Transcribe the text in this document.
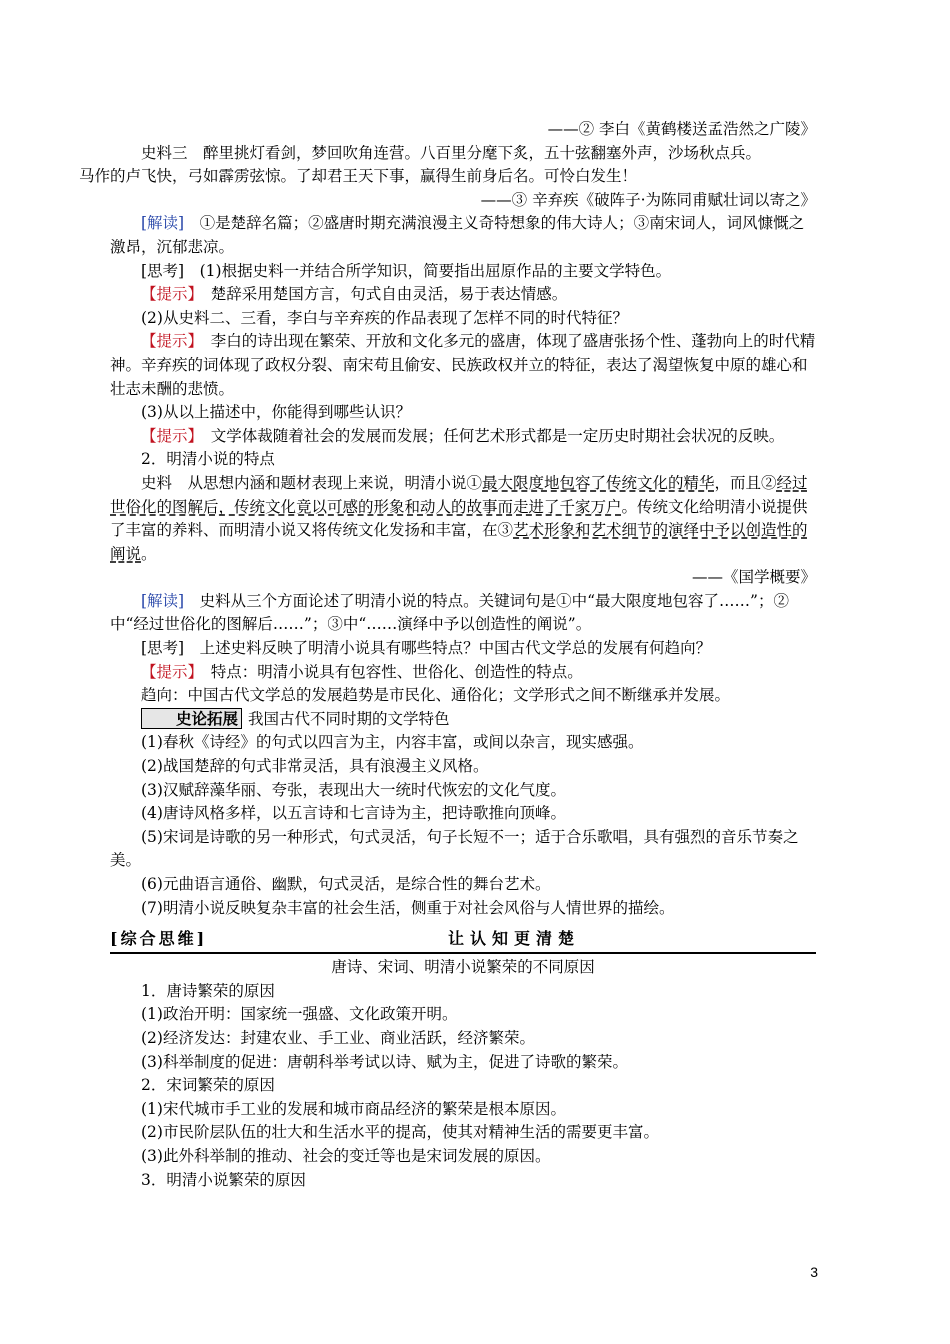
——② 李白《黄鹤楼送孟浩然之广陵》

史料三　醉里挑灯看剑，梦回吹角连营。八百里分麾下炙，五十弦翻塞外声，沙场秋点兵。
马作的卢飞快，弓如霹雳弦惊。了却君王天下事，赢得生前身后名。可怜白发生！

——③ 辛弃疾《破阵子·为陈同甫赋壮词以寄之》

[解读]　 ①是楚辞名篇；②盛唐时期充满浪漫主义奇特想象的伟大诗人；③南宋词人，词风慷慨之激昂，沉郁悲凉。

[思考]　 (1)根据史料一并结合所学知识，简要指出屈原作品的主要文学特色。

【提示】　 楚辞采用楚国方言，句式自由灵活，易于表达情感。

(2)从史料二、三看，李白与辛弃疾的作品表现了怎样不同的时代特征？

【提示】　 李白的诗出现在繁荣、开放和文化多元的盛唐，体现了盛唐张扬个性、蓬勃向上的时代精神。辛弃疾的词体现了政权分裂、南宋苟且偷安、民族政权并立的特征，表达了渴望恢复中原的雄心和壮志未酬的悲愤。

(3)从以上描述中，你能得到哪些认识？

【提示】　 文学体裁随着社会的发展而发展；任何艺术形式都是一定历史时期社会状况的反映。

2．明清小说的特点

史料　从思想内涵和题材表现上来说，明清小说①最大限度地包容了传统文化的精华，而且②经过世俗化的图解后，传统文化竟以可感的形象和动人的故事而走进了千家万户。传统文化给明清小说提供了丰富的养料、而明清小说又将传统文化发扬和丰富，在③艺术形象和艺术细节的演绎中予以创造性的阐说。

——《国学概要》

[解读]　 史料从三个方面论述了明清小说的特点。关键词句是①中“最大限度地包容了……”；②中“经过世俗化的图解后……”；③中“……演绎中予以创造性的阐说”。

[思考]　 上述史料反映了明清小说具有哪些特点？中国古代文学总的发展有何趋向？

【提示】　 特点：明清小说具有包容性、世俗化、创造性的特点。

趋向：中国古代文学总的发展趋势是市民化、通俗化；文学形式之间不断继承并发展。

史论拓展 我国古代不同时期的文学特色

(1)春秋《诗经》的句式以四言为主，内容丰富，或间以杂言，现实感强。

(2)战国楚辞的句式非常灵活，具有浪漫主义风格。

(3)汉赋辞藻华丽、夸张，表现出大一统时代恢宏的文化气度。

(4)唐诗风格多样，以五言诗和七言诗为主，把诗歌推向顶峰。

(5)宋词是诗歌的另一种形式，句式灵活，句子长短不一；适于合乐歌唱，具有强烈的音乐节奏之美。

(6)元曲语言通俗、幽默，句式灵活，是综合性的舞台艺术。

(7)明清小说反映复杂丰富的社会生活，侧重于对社会风俗与人情世界的描绘。

[综合思维]	让认知更清楚

唐诗、宋词、明清小说繁荣的不同原因

1．唐诗繁荣的原因

(1)政治开明：国家统一强盛、文化政策开明。

(2)经济发达：封建农业、手工业、商业活跃，经济繁荣。

(3)科举制度的促进：唐朝科举考试以诗、赋为主，促进了诗歌的繁荣。

2．宋词繁荣的原因

(1)宋代城市手工业的发展和城市商品经济的繁荣是根本原因。

(2)市民阶层队伍的壮大和生活水平的提高，使其对精神生活的需要更丰富。

(3)此外科举制的推动、社会的变迁等也是宋词发展的原因。

3．明清小说繁荣的原因

3
